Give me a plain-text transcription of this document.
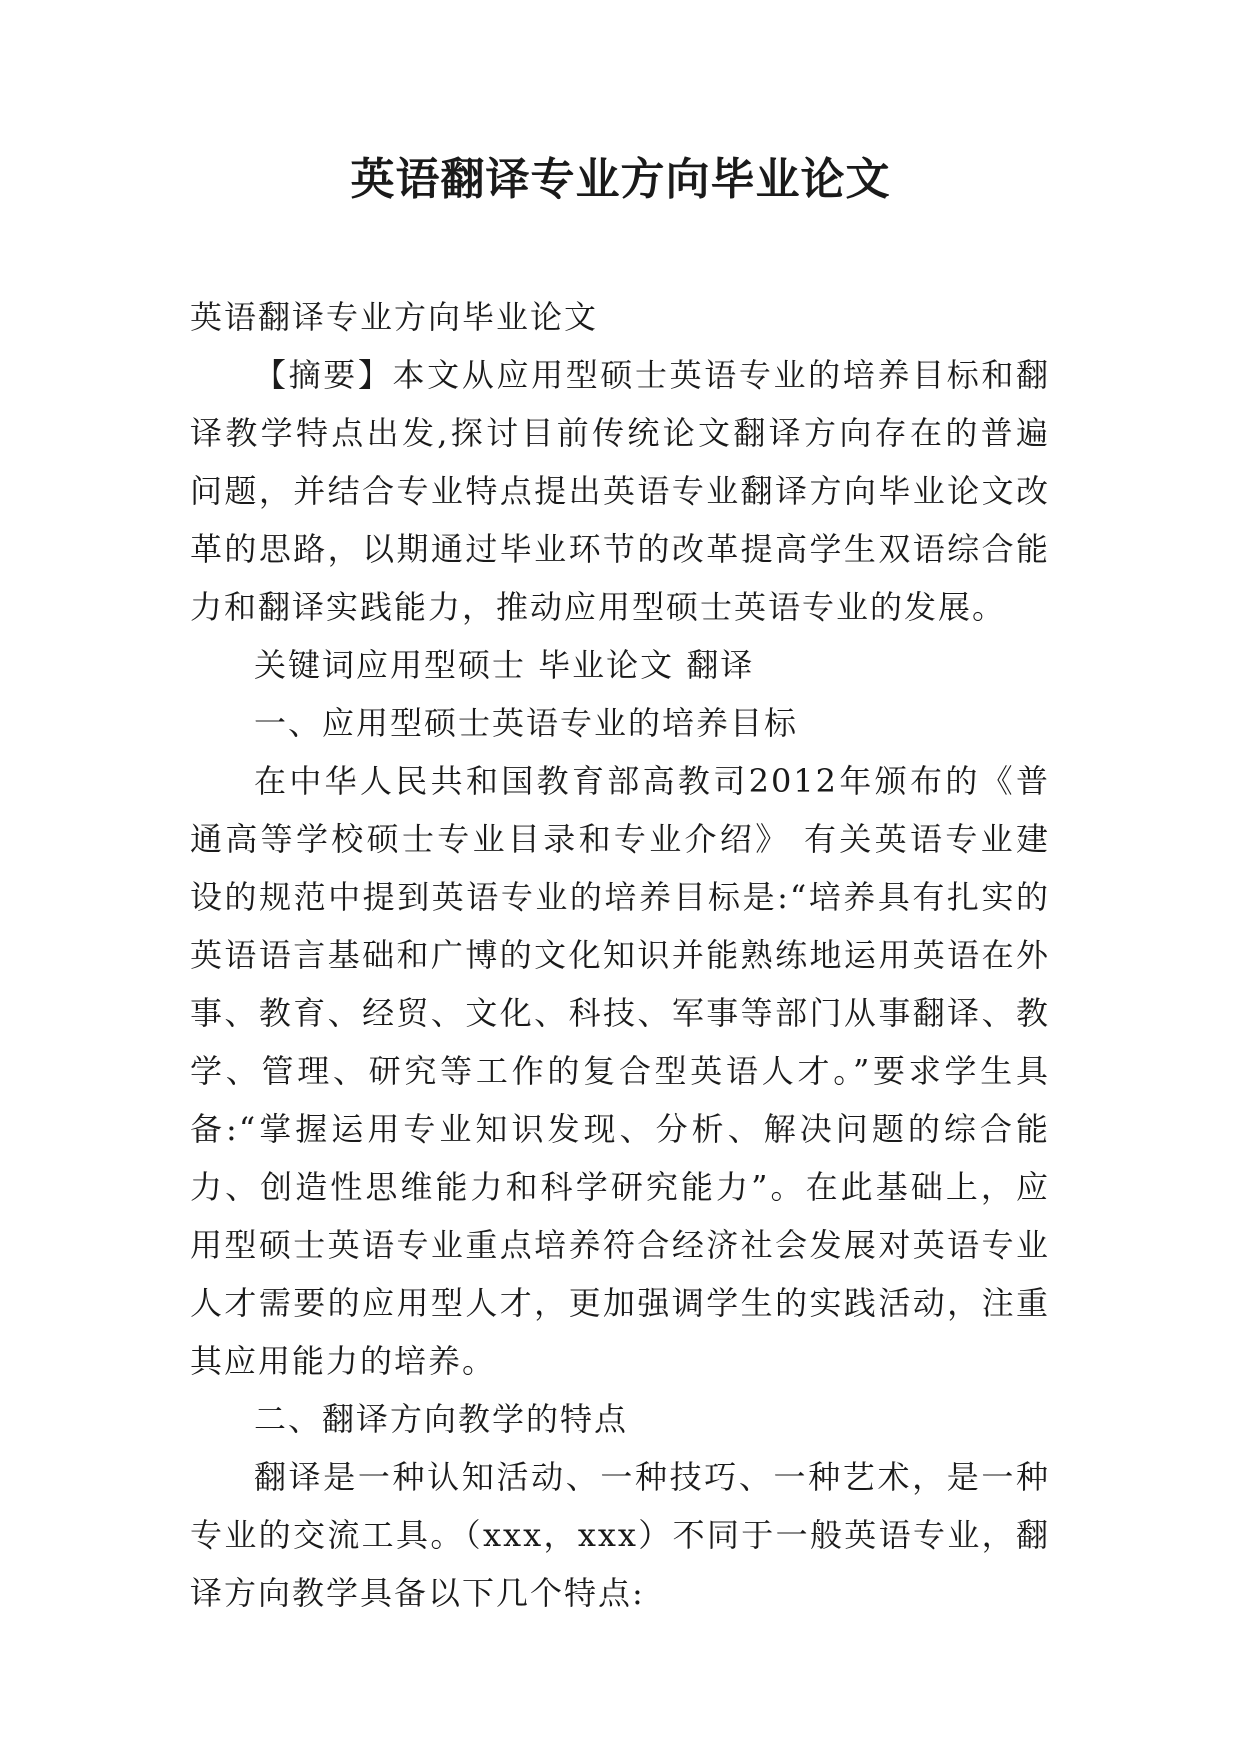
英语翻译专业方向毕业论文

英语翻译专业方向毕业论文

【摘要】本文从应用型硕士英语专业的培养目标和翻译教学特点出发,探讨目前传统论文翻译方向存在的普遍问题，并结合专业特点提出英语专业翻译方向毕业论文改革的思路，以期通过毕业环节的改革提高学生双语综合能力和翻译实践能力，推动应用型硕士英语专业的发展。

关键词应用型硕士 毕业论文 翻译

一、应用型硕士英语专业的培养目标

在中华人民共和国教育部高教司2012年颁布的《普通高等学校硕士专业目录和专业介绍》 有关英语专业建设的规范中提到英语专业的培养目标是:“培养具有扎实的英语语言基础和广博的文化知识并能熟练地运用英语在外事、教育、经贸、文化、科技、军事等部门从事翻译、教学、管理、研究等工作的复合型英语人才。”要求学生具备:“掌握运用专业知识发现、分析、解决问题的综合能力、创造性思维能力和科学研究能力”。在此基础上，应用型硕士英语专业重点培养符合经济社会发展对英语专业人才需要的应用型人才，更加强调学生的实践活动，注重其应用能力的培养。

二、翻译方向教学的特点

翻译是一种认知活动、一种技巧、一种艺术，是一种专业的交流工具。（xxx，xxx）不同于一般英语专业，翻译方向教学具备以下几个特点:
